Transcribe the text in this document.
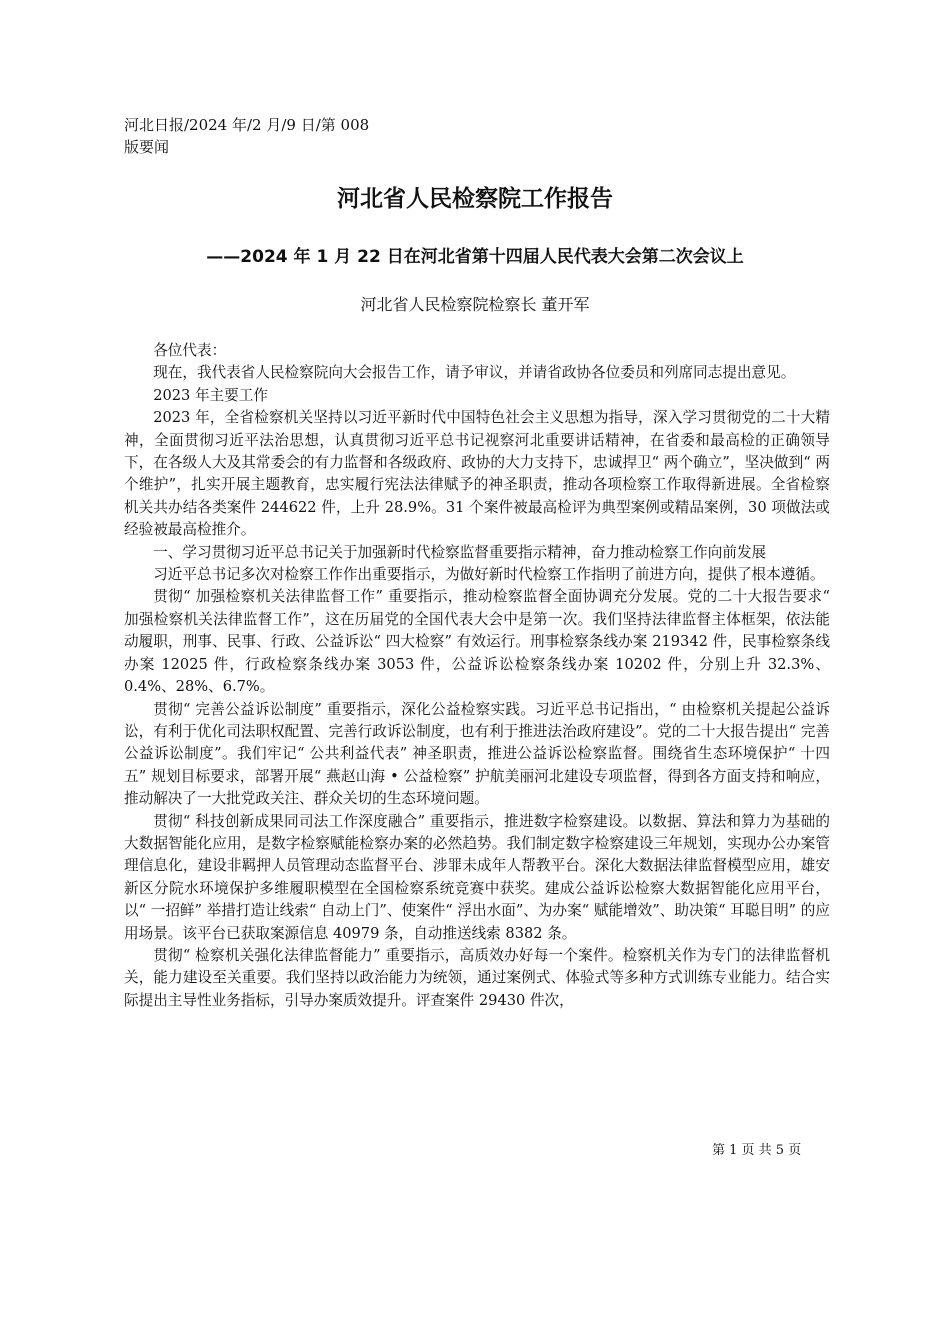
河北日报/2024 年/2 月/9 日/第 008
版要闻
河北省人民检察院工作报告
——2024 年 1 月 22 日在河北省第十四届人民代表大会第二次会议上
河北省人民检察院检察长 董开军

各位代表：

现在，我代表省人民检察院向大会报告工作，请予审议，并请省政协各位委员和列席同志提出意见。

2023 年主要工作

2023 年，全省检察机关坚持以习近平新时代中国特色社会主义思想为指导，深入学习贯彻党的二十大精神，全面贯彻习近平法治思想，认真贯彻习近平总书记视察河北重要讲话精神，在省委和最高检的正确领导下，在各级人大及其常委会的有力监督和各级政府、政协的大力支持下，忠诚捍卫“ 两个确立”，坚决做到“ 两个维护”，扎实开展主题教育，忠实履行宪法法律赋予的神圣职责，推动各项检察工作取得新进展。全省检察机关共办结各类案件 244622 件，上升 28.9%。31 个案件被最高检评为典型案例或精品案例，30 项做法或经验被最高检推介。

一、学习贯彻习近平总书记关于加强新时代检察监督重要指示精神，奋力推动检察工作向前发展

习近平总书记多次对检察工作作出重要指示，为做好新时代检察工作指明了前进方向，提供了根本遵循。

贯彻“ 加强检察机关法律监督工作” 重要指示，推动检察监督全面协调充分发展。党的二十大报告要求“ 加强检察机关法律监督工作”，这在历届党的全国代表大会中是第一次。我们坚持法律监督主体框架，依法能动履职，刑事、民事、行政、公益诉讼“ 四大检察” 有效运行。刑事检察条线办案 219342 件，民事检察条线办案 12025 件，行政检察条线办案 3053 件，公益诉讼检察条线办案 10202 件，分别上升 32.3%、0.4%、28%、6.7%。

贯彻“ 完善公益诉讼制度” 重要指示，深化公益检察实践。习近平总书记指出，“ 由检察机关提起公益诉讼，有利于优化司法职权配置、完善行政诉讼制度，也有利于推进法治政府建设”。党的二十大报告提出“ 完善公益诉讼制度”。我们牢记“ 公共利益代表” 神圣职责，推进公益诉讼检察监督。围绕省生态环境保护“ 十四五” 规划目标要求，部署开展“ 燕赵山海 • 公益检察” 护航美丽河北建设专项监督，得到各方面支持和响应，推动解决了一大批党政关注、群众关切的生态环境问题。

贯彻“ 科技创新成果同司法工作深度融合” 重要指示，推进数字检察建设。以数据、算法和算力为基础的大数据智能化应用，是数字检察赋能检察办案的必然趋势。我们制定数字检察建设三年规划，实现办公办案管理信息化，建设非羁押人员管理动态监督平台、涉罪未成年人帮教平台。深化大数据法律监督模型应用，雄安新区分院水环境保护多维履职模型在全国检察系统竞赛中获奖。建成公益诉讼检察大数据智能化应用平台，以“ 一招鲜” 举措打造让线索“ 自动上门”、使案件“ 浮出水面”、为办案“ 赋能增效”、助决策“ 耳聪目明” 的应用场景。该平台已获取案源信息 40979 条，自动推送线索 8382 条。

贯彻“ 检察机关强化法律监督能力” 重要指示，高质效办好每一个案件。检察机关作为专门的法律监督机关，能力建设至关重要。我们坚持以政治能力为统领，通过案例式、体验式等多种方式训练专业能力。结合实际提出主导性业务指标，引导办案质效提升。评查案件 29430 件次，

第 1 页 共 5 页
